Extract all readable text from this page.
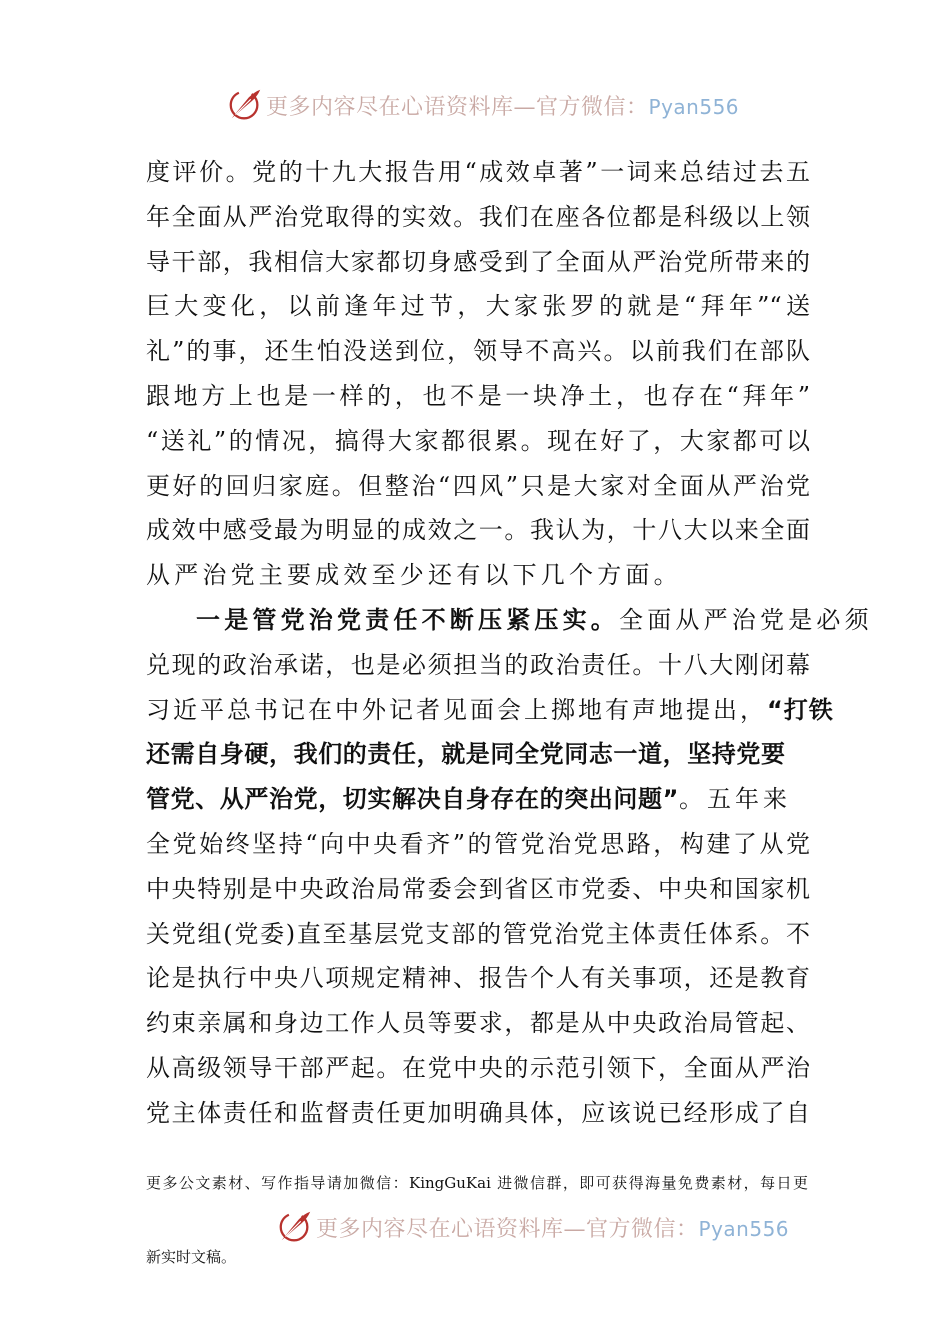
更多内容尽在心语资料库—官方微信：Pyan556
度评价。党的十九大报告用“成效卓著”一词来总结过去五
年全面从严治党取得的实效。我们在座各位都是科级以上领
导干部，我相信大家都切身感受到了全面从严治党所带来的
巨大变化，以前逢年过节，大家张罗的就是“拜年”“送
礼”的事，还生怕没送到位，领导不高兴。以前我们在部队
跟地方上也是一样的，也不是一块净土，也存在“拜年”
“送礼”的情况，搞得大家都很累。现在好了，大家都可以
更好的回归家庭。但整治“四风”只是大家对全面从严治党
成效中感受最为明显的成效之一。我认为，十八大以来全面
从严治党主要成效至少还有以下几个方面。
一是管党治党责任不断压紧压实。全面从严治党是必须
兑现的政治承诺，也是必须担当的政治责任。十八大刚闭幕
习近平总书记在中外记者见面会上掷地有声地提出，“打铁
还需自身硬，我们的责任，就是同全党同志一道，坚持党要
管党、从严治党，切实解决自身存在的突出问题”。五年来
全党始终坚持“向中央看齐”的管党治党思路，构建了从党
中央特别是中央政治局常委会到省区市党委、中央和国家机
关党组(党委)直至基层党支部的管党治党主体责任体系。不
论是执行中央八项规定精神、报告个人有关事项，还是教育
约束亲属和身边工作人员等要求，都是从中央政治局管起、
从高级领导干部严起。在党中央的示范引领下，全面从严治
党主体责任和监督责任更加明确具体，应该说已经形成了自
更多公文素材、写作指导请加微信：KingGuKai 进微信群，即可获得海量免费素材，每日更
更多内容尽在心语资料库—官方微信：Pyan556
新实时文稿。
